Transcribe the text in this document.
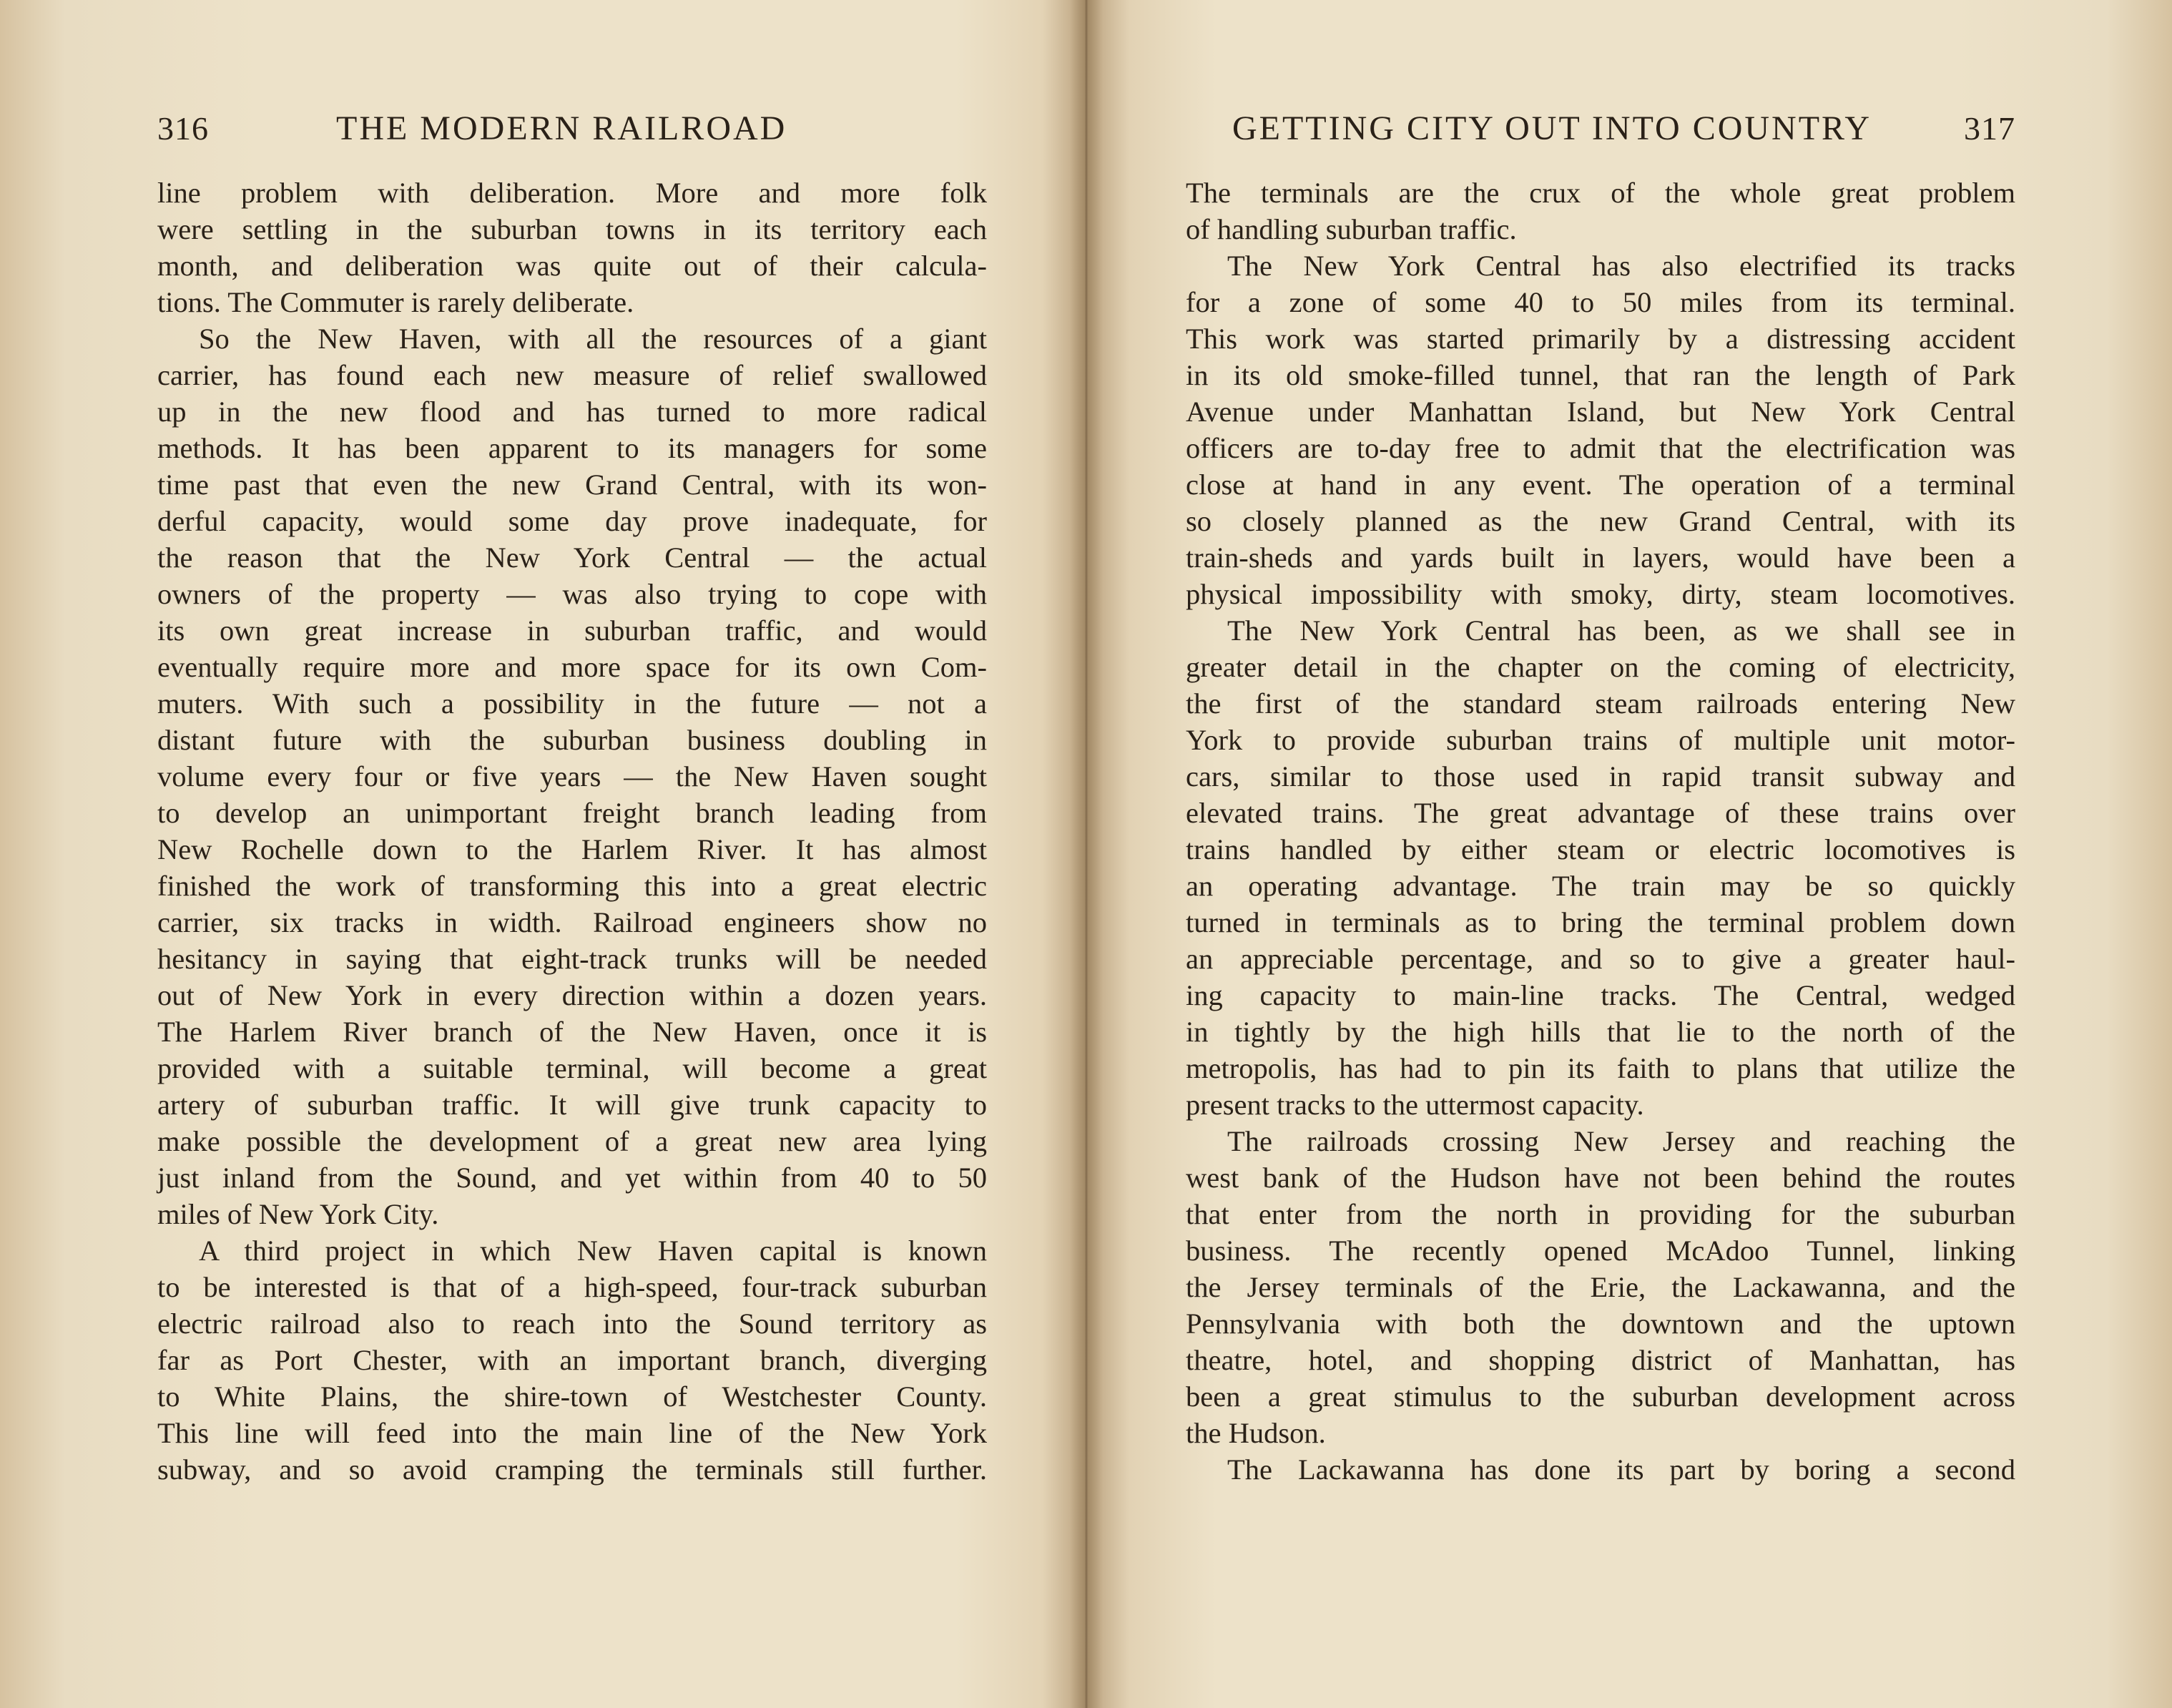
316	THE MODERN RAILROAD
line problem with deliberation. More and more folk
were settling in the suburban towns in its territory each
month, and deliberation was quite out of their calcula-
tions. The Commuter is rarely deliberate.
So the New Haven, with all the resources of a giant
carrier, has found each new measure of relief swallowed
up in the new flood and has turned to more radical
methods. It has been apparent to its managers for some
time past that even the new Grand Central, with its won-
derful capacity, would some day prove inadequate, for
the reason that the New York Central — the actual
owners of the property — was also trying to cope with
its own great increase in suburban traffic, and would
eventually require more and more space for its own Com-
muters. With such a possibility in the future — not a
distant future with the suburban business doubling in
volume every four or five years — the New Haven sought
to develop an unimportant freight branch leading from
New Rochelle down to the Harlem River. It has almost
finished the work of transforming this into a great electric
carrier, six tracks in width. Railroad engineers show no
hesitancy in saying that eight-track trunks will be needed
out of New York in every direction within a dozen years.
The Harlem River branch of the New Haven, once it is
provided with a suitable terminal, will become a great
artery of suburban traffic. It will give trunk capacity to
make possible the development of a great new area lying
just inland from the Sound, and yet within from 40 to 50
miles of New York City.
A third project in which New Haven capital is known
to be interested is that of a high-speed, four-track suburban
electric railroad also to reach into the Sound territory as
far as Port Chester, with an important branch, diverging
to White Plains, the shire-town of Westchester County.
This line will feed into the main line of the New York
subway, and so avoid cramping the terminals still further.
GETTING CITY OUT INTO COUNTRY	317
The terminals are the crux of the whole great problem
of handling suburban traffic.
The New York Central has also electrified its tracks
for a zone of some 40 to 50 miles from its terminal.
This work was started primarily by a distressing accident
in its old smoke-filled tunnel, that ran the length of Park
Avenue under Manhattan Island, but New York Central
officers are to-day free to admit that the electrification was
close at hand in any event. The operation of a terminal
so closely planned as the new Grand Central, with its
train-sheds and yards built in layers, would have been a
physical impossibility with smoky, dirty, steam locomotives.
The New York Central has been, as we shall see in
greater detail in the chapter on the coming of electricity,
the first of the standard steam railroads entering New
York to provide suburban trains of multiple unit motor-
cars, similar to those used in rapid transit subway and
elevated trains. The great advantage of these trains over
trains handled by either steam or electric locomotives is
an operating advantage. The train may be so quickly
turned in terminals as to bring the terminal problem down
an appreciable percentage, and so to give a greater haul-
ing capacity to main-line tracks. The Central, wedged
in tightly by the high hills that lie to the north of the
metropolis, has had to pin its faith to plans that utilize the
present tracks to the uttermost capacity.
The railroads crossing New Jersey and reaching the
west bank of the Hudson have not been behind the routes
that enter from the north in providing for the suburban
business. The recently opened McAdoo Tunnel, linking
the Jersey terminals of the Erie, the Lackawanna, and the
Pennsylvania with both the downtown and the uptown
theatre, hotel, and shopping district of Manhattan, has
been a great stimulus to the suburban development across
the Hudson.
The Lackawanna has done its part by boring a second
